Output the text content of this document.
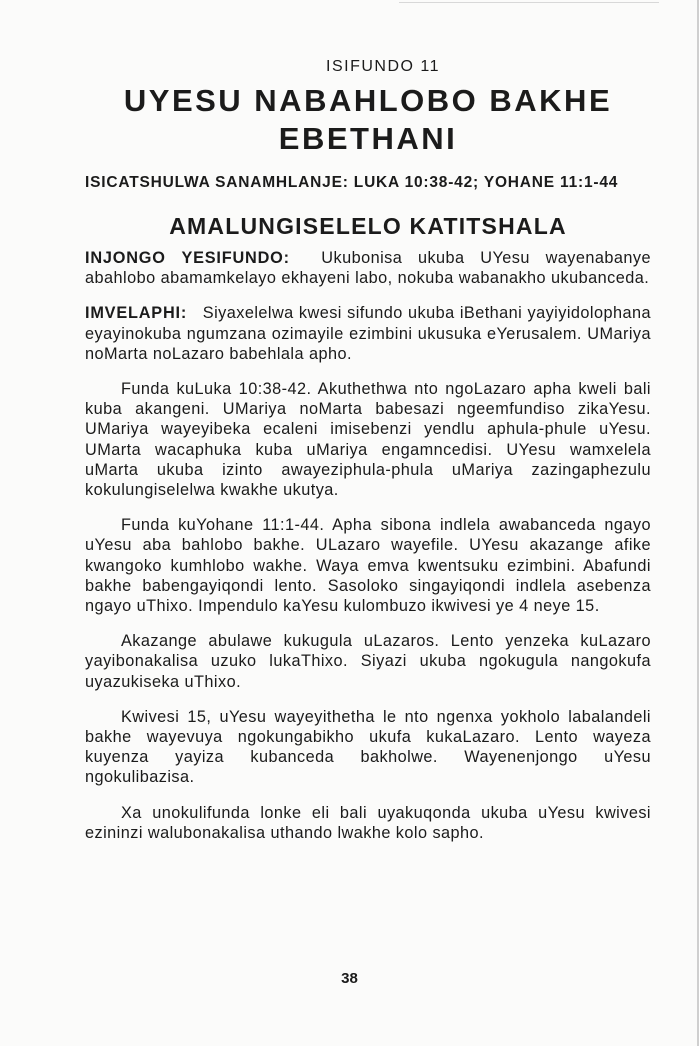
ISIFUNDO 11
UYESU NABAHLOBO BAKHE
EBETHANI
ISICATSHULWA SANAMHLANJE: LUKA 10:38-42; YOHANE 11:1-44
AMALUNGISELELO KATITSHALA

INJONGO YESIFUNDO: Ukubonisa ukuba UYesu wayenabanye abahlobo abamamkelayo ekhayeni labo, nokuba wabanakho ukubanceda.

IMVELAPHI: Siyaxelelwa kwesi sifundo ukuba iBethani yayiyidolophana eyayinokuba ngumzana ozimayile ezimbini ukusuka eYerusalem. UMariya noMarta noLazaro babehlala apho.

Funda kuLuka 10:38-42. Akuthethwa nto ngoLazaro apha kweli bali kuba akangeni. UMariya noMarta babesazi ngeemfundiso zikaYesu. UMariya wayeyibeka ecaleni imisebenzi yendlu aphula-phule uYesu. UMarta wacaphuka kuba uMariya engamncedisi. UYesu wamxelela uMarta ukuba izinto awayeziphula-phula uMariya zazingaphezulu kokulungiselelwa kwakhe ukutya.

Funda kuYohane 11:1-44. Apha sibona indlela awabanceda ngayo uYesu aba bahlobo bakhe. ULazaro wayefile. UYesu akazange afike kwangoko kumhlobo wakhe. Waya emva kwentsuku ezimbini. Abafundi bakhe babengayiqondi lento. Sasoloko singayiqondi indlela asebenza ngayo uThixo. Impendulo kaYesu kulombuzo ikwivesi ye 4 neye 15.

Akazange abulawe kukugula uLazaros. Lento yenzeka kuLazaro yayibonakalisa uzuko lukaThixo. Siyazi ukuba ngokugula nangokufa uyazukiseka uThixo.

Kwivesi 15, uYesu wayeyithetha le nto ngenxa yokholo labalandeli bakhe wayevuya ngokungabikho ukufa kukaLazaro. Lento wayeza kuyenza yayiza kubanceda bakholwe. Wayenenjongo uYesu ngokulibazisa.

Xa unokulifunda lonke eli bali uyakuqonda ukuba uYesu kwivesi ezininzi walubonakalisa uthando lwakhe kolo sapho.

38
